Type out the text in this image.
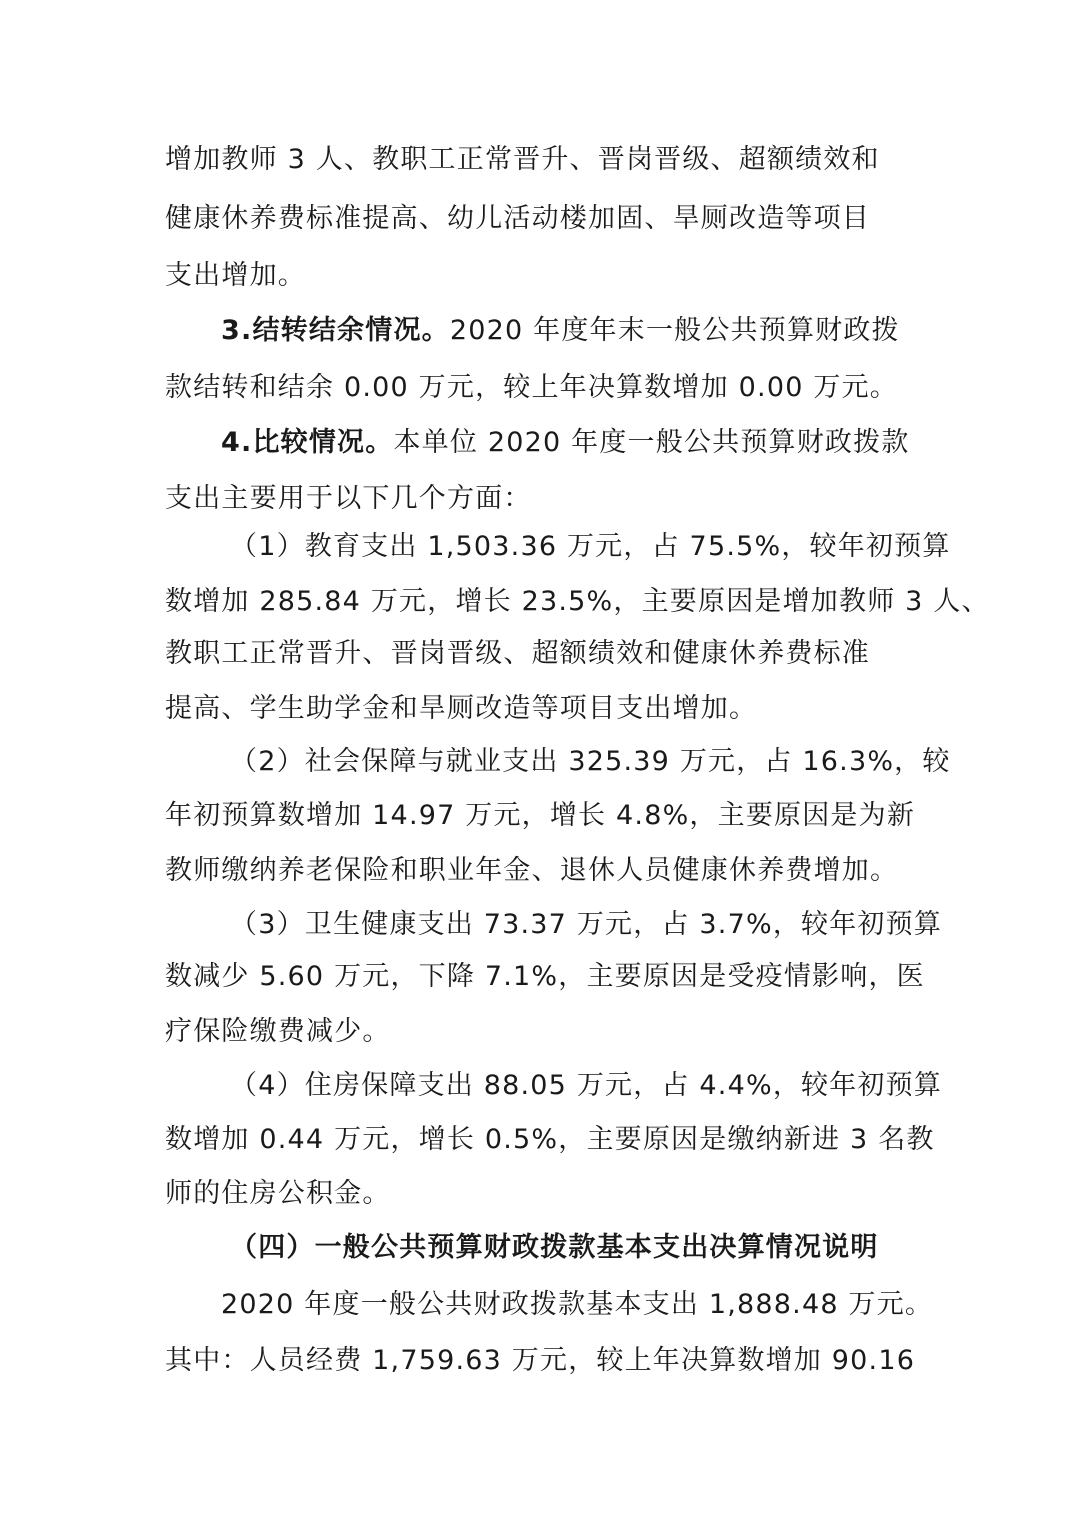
增加教师 3 人、教职工正常晋升、晋岗晋级、超额绩效和
健康休养费标准提高、幼儿活动楼加固、旱厕改造等项目
支出增加。
3.结转结余情况。2020 年度年末一般公共预算财政拨
款结转和结余 0.00 万元，较上年决算数增加 0.00 万元。
4.比较情况。本单位 2020 年度一般公共预算财政拨款
支出主要用于以下几个方面：
（1）教育支出 1,503.36 万元，占 75.5%，较年初预算
数增加 285.84 万元，增长 23.5%，主要原因是增加教师 3 人、
教职工正常晋升、晋岗晋级、超额绩效和健康休养费标准
提高、学生助学金和旱厕改造等项目支出增加。
（2）社会保障与就业支出 325.39 万元，占 16.3%，较
年初预算数增加 14.97 万元，增长 4.8%，主要原因是为新
教师缴纳养老保险和职业年金、退休人员健康休养费增加。
（3）卫生健康支出 73.37 万元，占 3.7%，较年初预算
数减少 5.60 万元，下降 7.1%，主要原因是受疫情影响，医
疗保险缴费减少。
（4）住房保障支出 88.05 万元，占 4.4%，较年初预算
数增加 0.44 万元，增长 0.5%，主要原因是缴纳新进 3 名教
师的住房公积金。
（四）一般公共预算财政拨款基本支出决算情况说明
2020 年度一般公共财政拨款基本支出 1,888.48 万元。
其中：人员经费 1,759.63 万元，较上年决算数增加 90.16
